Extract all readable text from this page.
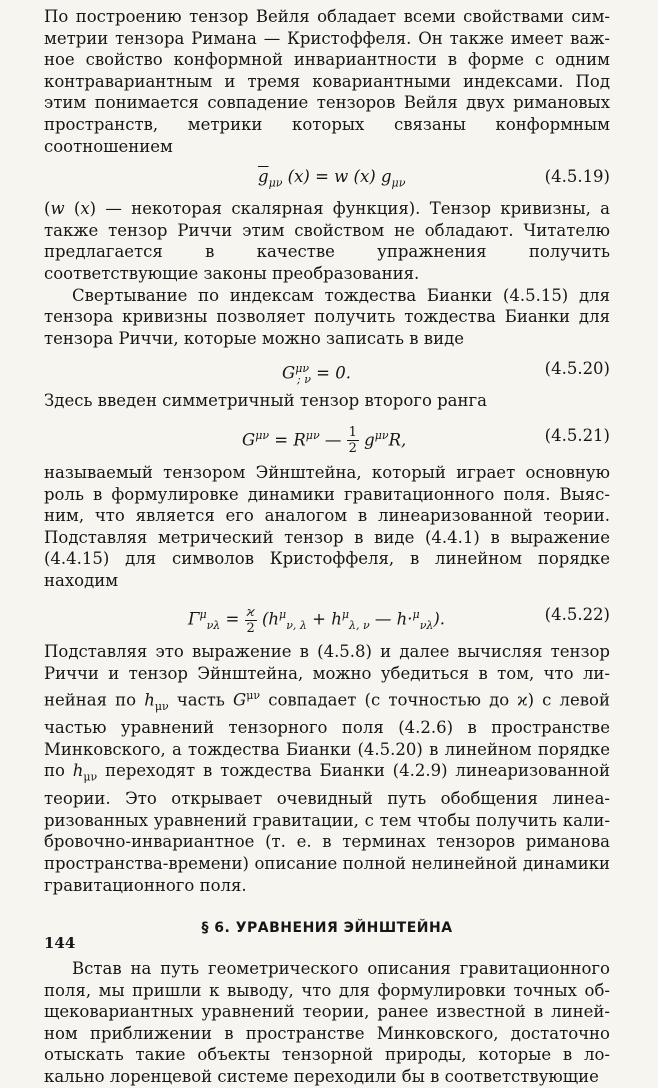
По построению тензор Вейля обладает всеми свойствами симметрии тензора Римана — Кристоффеля. Он также имеет важное свойство конформной инвариантности в форме с одним контравариантным и тремя ковариантными индексами. Под этим понимается совпадение тензоров Вейля двух римановых пространств, метрики которых связаны конформным соотношением

$\overline{g}_{\mu\nu}$ (x) = w (x) $g_{\mu\nu}$	(4.5.19)

(w (x) — некоторая скалярная функция). Тензор кривизны, а также тензор Риччи этим свойством не обладают. Читателю предлагается в качестве упражнения получить соответствующие законы преобразования.

Свертывание по индексам тождества Бианки (4.5.15) для тензора кривизны позволяет получить тождества Бианки для тензора Риччи, которые можно записать в виде

$G^{\mu\nu}_{; \nu} = 0$.	(4.5.20)

Здесь введен симметричный тензор второго ранга

$G^{\mu\nu} = R^{\mu\nu}$ — $\frac{1}{2} g^{\mu\nu}R$,	(4.5.21)

называемый тензором Эйнштейна, который играет основную роль в формулировке динамики гравитационного поля. Выясним, что является его аналогом в линеаризованной теории. Подставляя метрический тензор в виде (4.4.1) в выражение (4.4.15) для символов Кристоффеля, в линейном порядке находим

$\Gamma^\mu_{\nu\lambda} = \frac{ϰ}{2} (h^\mu_{\nu, \lambda} + h^\mu_{\lambda, \nu}$ — h·$^\mu_{\nu\lambda}$).	(4.5.22)

Подставляя это выражение в (4.5.8) и далее вычисляя тензор Риччи и тензор Эйнштейна, можно убедиться в том, что линейная по $h_{\mu\nu}$ часть $G^{\mu\nu}$ совпадает (с точностью до ϰ) с левой частью уравнений тензорного поля (4.2.6) в пространстве Минковского, а тождества Бианки (4.5.20) в линейном порядке по $h_{\mu\nu}$ переходят в тождества Бианки (4.2.9) линеаризованной теории. Это открывает очевидный путь обобщения линеаризованных уравнений гравитации, с тем чтобы получить калибровочно-инвариантное (т. е. в терминах тензоров риманова пространства-времени) описание полной нелинейной динамики гравитационного поля.

§ 6. УРАВНЕНИЯ ЭЙНШТЕЙНА

Встав на путь геометрического описания гравитационного поля, мы пришли к выводу, что для формулировки точных общековариантных уравнений теории, ранее известной в линейном приближении в пространстве Минковского, достаточно отыскать такие объекты тензорной природы, которые в локально лоренцевой системе переходили бы в соответствующие

144
